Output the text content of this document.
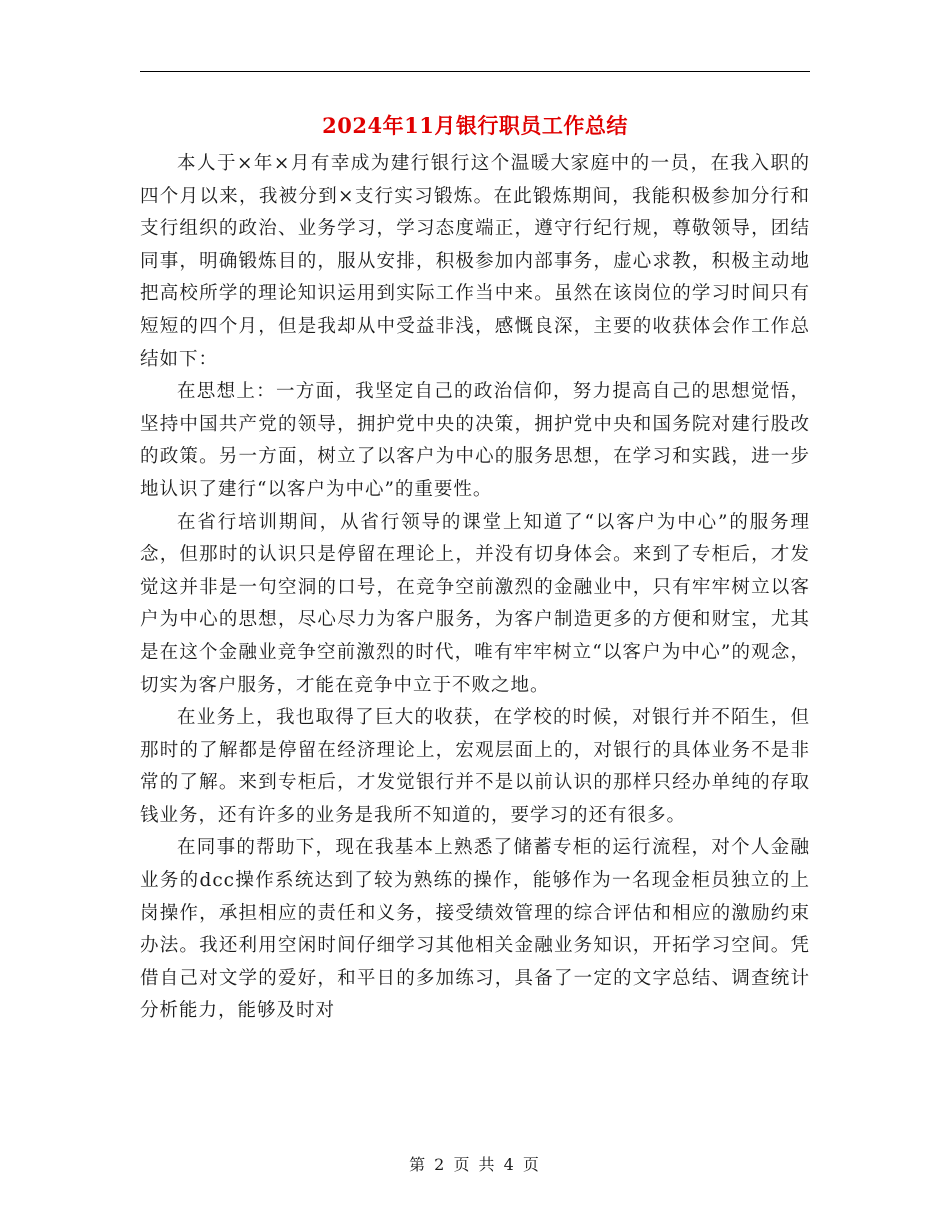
2024年11月银行职员工作总结

本人于×年×月有幸成为建行银行这个温暖大家庭中的一员，在我入职的四个月以来，我被分到×支行实习锻炼。在此锻炼期间，我能积极参加分行和支行组织的政治、业务学习，学习态度端正，遵守行纪行规，尊敬领导，团结同事，明确锻炼目的，服从安排，积极参加内部事务，虚心求教，积极主动地把高校所学的理论知识运用到实际工作当中来。虽然在该岗位的学习时间只有短短的四个月，但是我却从中受益非浅，感慨良深，主要的收获体会作工作总结如下：

在思想上：一方面，我坚定自己的政治信仰，努力提高自己的思想觉悟，坚持中国共产党的领导，拥护党中央的决策，拥护党中央和国务院对建行股改的政策。另一方面，树立了以客户为中心的服务思想，在学习和实践，进一步地认识了建行“以客户为中心”的重要性。

在省行培训期间，从省行领导的课堂上知道了“以客户为中心”的服务理念，但那时的认识只是停留在理论上，并没有切身体会。来到了专柜后，才发觉这并非是一句空洞的口号，在竞争空前激烈的金融业中，只有牢牢树立以客户为中心的思想，尽心尽力为客户服务，为客户制造更多的方便和财宝，尤其是在这个金融业竞争空前激烈的时代，唯有牢牢树立“以客户为中心”的观念，切实为客户服务，才能在竞争中立于不败之地。

在业务上，我也取得了巨大的收获，在学校的时候，对银行并不陌生，但那时的了解都是停留在经济理论上，宏观层面上的，对银行的具体业务不是非常的了解。来到专柜后，才发觉银行并不是以前认识的那样只经办单纯的存取钱业务，还有许多的业务是我所不知道的，要学习的还有很多。

在同事的帮助下，现在我基本上熟悉了储蓄专柜的运行流程，对个人金融业务的dcc操作系统达到了较为熟练的操作，能够作为一名现金柜员独立的上岗操作，承担相应的责任和义务，接受绩效管理的综合评估和相应的激励约束办法。我还利用空闲时间仔细学习其他相关金融业务知识，开拓学习空间。凭借自己对文学的爱好，和平日的多加练习，具备了一定的文字总结、调查统计分析能力，能够及时对

第 2 页 共 4 页
